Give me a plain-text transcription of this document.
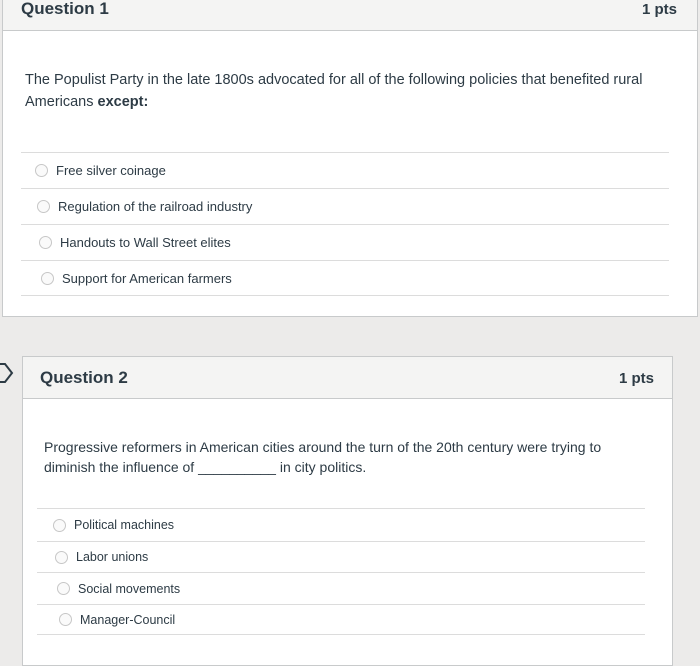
Question 1	1 pts
The Populist Party in the late 1800s advocated for all of the following policies that benefited rural Americans except:
Free silver coinage
Regulation of the railroad industry
Handouts to Wall Street elites
Support for American farmers
Question 2	1 pts
Progressive reformers in American cities around the turn of the 20th century were trying to diminish the influence of __________ in city politics.
Political machines
Labor unions
Social movements
Manager-Council
